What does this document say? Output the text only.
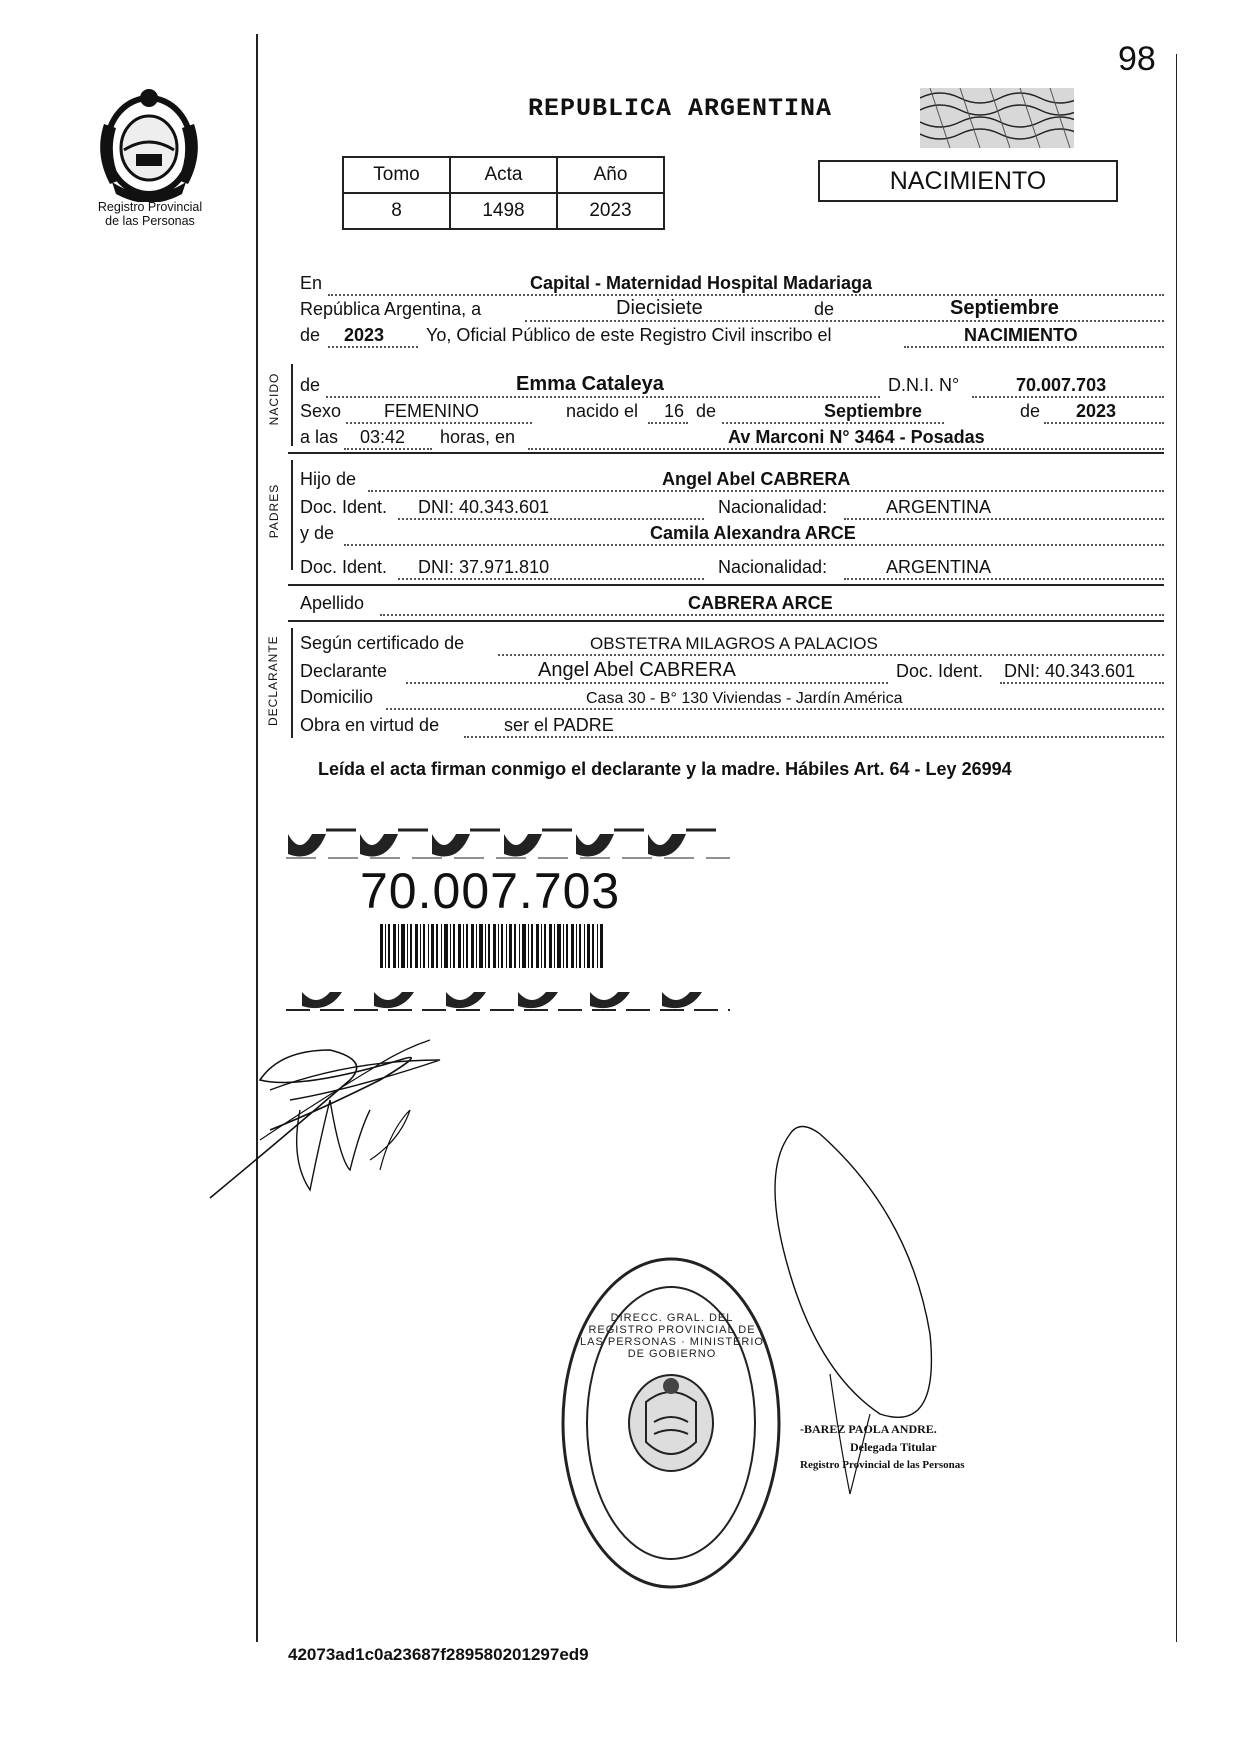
98
Registro Provincial
de las Personas
REPUBLICA ARGENTINA
Tomo	Acta	Año
8	1498	2023
NACIMIENTO
En	Capital - Maternidad Hospital Madariaga
República Argentina, a	Diecisiete	de	Septiembre
de 2023 Yo, Oficial Público de este Registro Civil inscribo el	NACIMIENTO
NACIDO de	Emma Cataleya	D.N.I. N°	70.007.703
Sexo FEMENINO	nacido el 16 de	Septiembre	de 2023
a las 03:42 horas, en	Av Marconi N° 3464 - Posadas
PADRES
Hijo de	Angel Abel CABRERA
Doc. Ident. DNI: 40.343.601	Nacionalidad:	ARGENTINA
y de	Camila Alexandra ARCE
Doc. Ident. DNI: 37.971.810	Nacionalidad:	ARGENTINA
Apellido	CABRERA ARCE
DECLARANTE Según certificado de	OBSTETRA MILAGROS A PALACIOS
Declarante	Angel Abel CABRERA	Doc. Ident. DNI: 40.343.601
Domicilio	Casa 30 - B° 130 Viviendas - Jardín América
Obra en virtud de	ser el PADRE
Leída el acta firman conmigo el declarante y la madre. Hábiles Art. 64 - Ley 26994
70.007.703
DIRECC. GRAL. DEL REGISTRO PROVINCIAL DE LAS PERSONAS · MINISTERIO DE GOBIERNO
-BAREZ PAOLA ANDRE.
Delegada Titular
Registro Provincial de las Personas
42073ad1c0a23687f289580201297ed9
